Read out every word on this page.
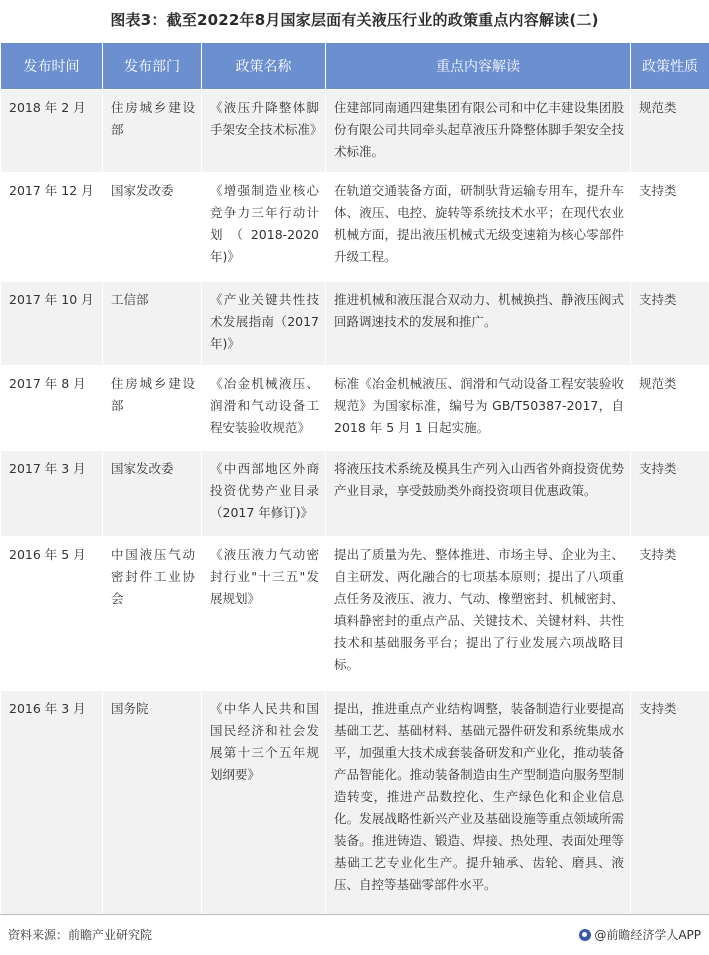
图表3：截至2022年8月国家层面有关液压行业的政策重点内容解读(二)
发布时间	发布部门	政策名称	重点内容解读	政策性质
2018 年 2 月	住房城乡建设部	《液压升降整体脚手架安全技术标准》	住建部同南通四建集团有限公司和中亿丰建设集团股份有限公司共同牵头起草液压升降整体脚手架安全技术标准。	规范类
2017 年 12 月	国家发改委	《增强制造业核心竞争力三年行动计划 （ 2018-2020 年)》	在轨道交通装备方面，研制驮背运输专用车，提升车体、液压、电控、旋转等系统技术水平；在现代农业机械方面，提出液压机械式无级变速箱为核心零部件升级工程。	支持类
2017 年 10 月	工信部	《产业关键共性技术发展指南（2017 年)》	推进机械和液压混合双动力、机械换挡、静液压阀式回路调速技术的发展和推广。	支持类
2017 年 8 月	住房城乡建设部	《冶金机械液压、润滑和气动设备工程安装验收规范》	标准《冶金机械液压、润滑和气动设备工程安装验收规范》为国家标准，编号为 GB/T50387-2017，自 2018 年 5 月 1 日起实施。	规范类
2017 年 3 月	国家发改委	《中西部地区外商投资优势产业目录（2017 年修订)》	将液压技术系统及模具生产列入山西省外商投资优势产业目录，享受鼓励类外商投资项目优惠政策。	支持类
2016 年 5 月	中国液压气动密封件工业协会	《液压液力气动密封行业"十三五"发展规划》	提出了质量为先、整体推进、市场主导、企业为主、自主研发、两化融合的七项基本原则；提出了八项重点任务及液压、液力、气动、橡塑密封、机械密封、填料静密封的重点产品、关键技术、关键材料、共性技术和基础服务平台；提出了行业发展六项战略目标。	支持类
2016 年 3 月	国务院	《中华人民共和国国民经济和社会发展第十三个五年规划纲要》	提出，推进重点产业结构调整，装备制造行业要提高基础工艺、基础材料、基础元器件研发和系统集成水平，加强重大技术成套装备研发和产业化，推动装备产品智能化。推动装备制造由生产型制造向服务型制造转变，推进产品数控化、生产绿色化和企业信息化。发展战略性新兴产业及基础设施等重点领域所需装备。推进铸造、锻造、焊接、热处理、表面处理等基础工艺专业化生产。提升轴承、齿轮、磨具、液压、自控等基础零部件水平。	支持类
资料来源：前瞻产业研究院	@前瞻经济学人APP
